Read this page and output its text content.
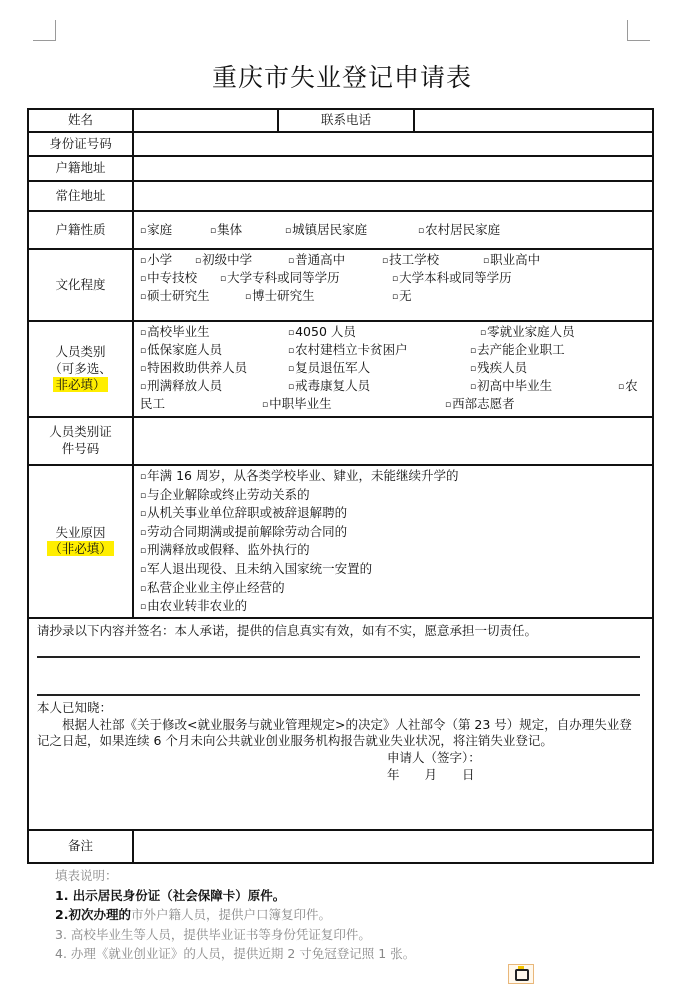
重庆市失业登记申请表
姓名		联系电话	
身份证号码			
户籍地址			
常住地址			
户籍性质	▫家庭 ▫集体 ▫城镇居民家庭 ▫农村居民家庭		

文化程度	
▫小学	▫初级中学	▫普通高中	▫技工学校	▫职业高中
▫中专技校	▫大学专科或同等学历	▫大学本科或同等学历
▫硕士研究生	▫博士研究生	▫无

人员类别
（可多选、
非必填）

▫高校毕业生	▫4050 人员	▫零就业家庭人员
▫低保家庭人员	▫农村建档立卡贫困户	▫去产能企业职工
▫特困救助供养人员	▫复员退伍军人	▫残疾人员
▫刑满释放人员	▫戒毒康复人员	▫初高中毕业生	▫农
民工	▫中职毕业生	▫西部志愿者

人员类别证
件号码			

失业原因
（非必填）

▫年满 16 周岁，从各类学校毕业、肄业，未能继续升学的
▫与企业解除或终止劳动关系的
▫从机关事业单位辞职或被辞退解聘的
▫劳动合同期满或提前解除劳动合同的
▫刑满释放或假释、监外执行的
▫军人退出现役、且未纳入国家统一安置的
▫私营企业业主停止经营的
▫由农业转非农业的

请抄录以下内容并签名：本人承诺，提供的信息真实有效，如有不实，愿意承担一切责任。
本人已知晓：
根据人社部《关于修改<就业服务与就业管理规定>的决定》人社部令（第 23 号）规定，自办理失业登记之日起，如果连续 6 个月未向公共就业创业服务机构报告就业失业状况，将注销失业登记。
申请人（签字）：
年　　月　　日			

备注			
填表说明：
1. 出示居民身份证（社会保障卡）原件。
2.初次办理的市外户籍人员，提供户口簿复印件。
3. 高校毕业生等人员，提供毕业证书等身份凭证复印件。
4. 办理《就业创业证》的人员，提供近期 2 寸免冠登记照 1 张。
